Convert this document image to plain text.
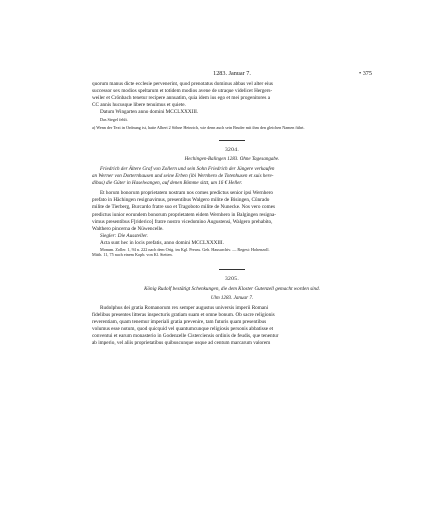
1283. Januar 7.	• 375

quorum manus dicte ecclesie pervenerint, quod prenotatus dominus abbas vel alter eius

successor sex modios speltarum et totidem modios avene de utraque videlicet Hergers-

weiler et Crönbach tenetur recipere annuatim, quia idem ius ego et mei progenitores a

CC annis hucusque libere tenuimus et quiete.

Datum Wingarten anno domini MCCLXXXIII.

Das Siegel fehlt.

a) Wenn der Text in Ordnung ist, hatte Albert 2 Söhne Heinrich, wie denn auch sein Bruder mit ihm den gleichen Namen führt.

3204.

Hechingen-Balingen 1283. Ohne Tagesangabe.

Friedrich der Ältere Graf von Zollern und sein Sohn Friedrich der Jüngere verkaufen

an Werner von Dotternhausen und seine Erben (ibi Wernhero de Totenhusen et suis here-

dibus) die Güter in Haselwangen, auf denen Bömme sitzt, um 16 € Heller.

Et horum bonorum proprietatem nostram nos comes predictus senior ipsi Wernhero

prefato in Hächingen resignavimus, presentibus Walgero milite de Bisingen, Cûnrado

milite de Tierberg, Burcardo fratre suo et Tragoboto milite de Nunecke. Nos vero comes

predictus iunior eorundem bonorum proprietatem eidem Wernhero in Balgingen resigna-

vimus presentibus F[riderico] fratre nostro vicedomino Augustensi, Walgero prehabito,

Walthero pincerna de Nüwencelle.

Siegler: Die Aussteller.

Acta sunt hec in locis prefatis, anno domini MCCLXXXIII.

Monum. Zoller. 1, 94 n. 222 nach dem Orig. im Kgl. Preuss. Geh. Hausarchiv. — Regest: Hohenzoll.

Mitth. 11, 75 nach einem Kopb. von Kl. Stetten.

3205.

König Rudolf bestätigt Schenkungen, die dem Kloster Gutenzell gemacht worden sind.

Ulm 1283. Januar 7.

Rudolphus dei gratia Romanorum rex semper augustus universis imperii Romani

fidelibus presentes litteras inspecturis gratiam suam et omne bonum. Ob sacre religionis

reverentiam, quam tenemur imperiali gratia prevenire, tam futuris quam presentibus

volumus esse notum, quod quicquid vel quantumcunque religiosis personis abbatisse et

conventui et earum monasterio in Godenzelle Cisterciensis ordinis de feudis, que tenentur

ab imperio, vel aliis proprietatibus quibuscunque usque ad centum marcarum valorem
